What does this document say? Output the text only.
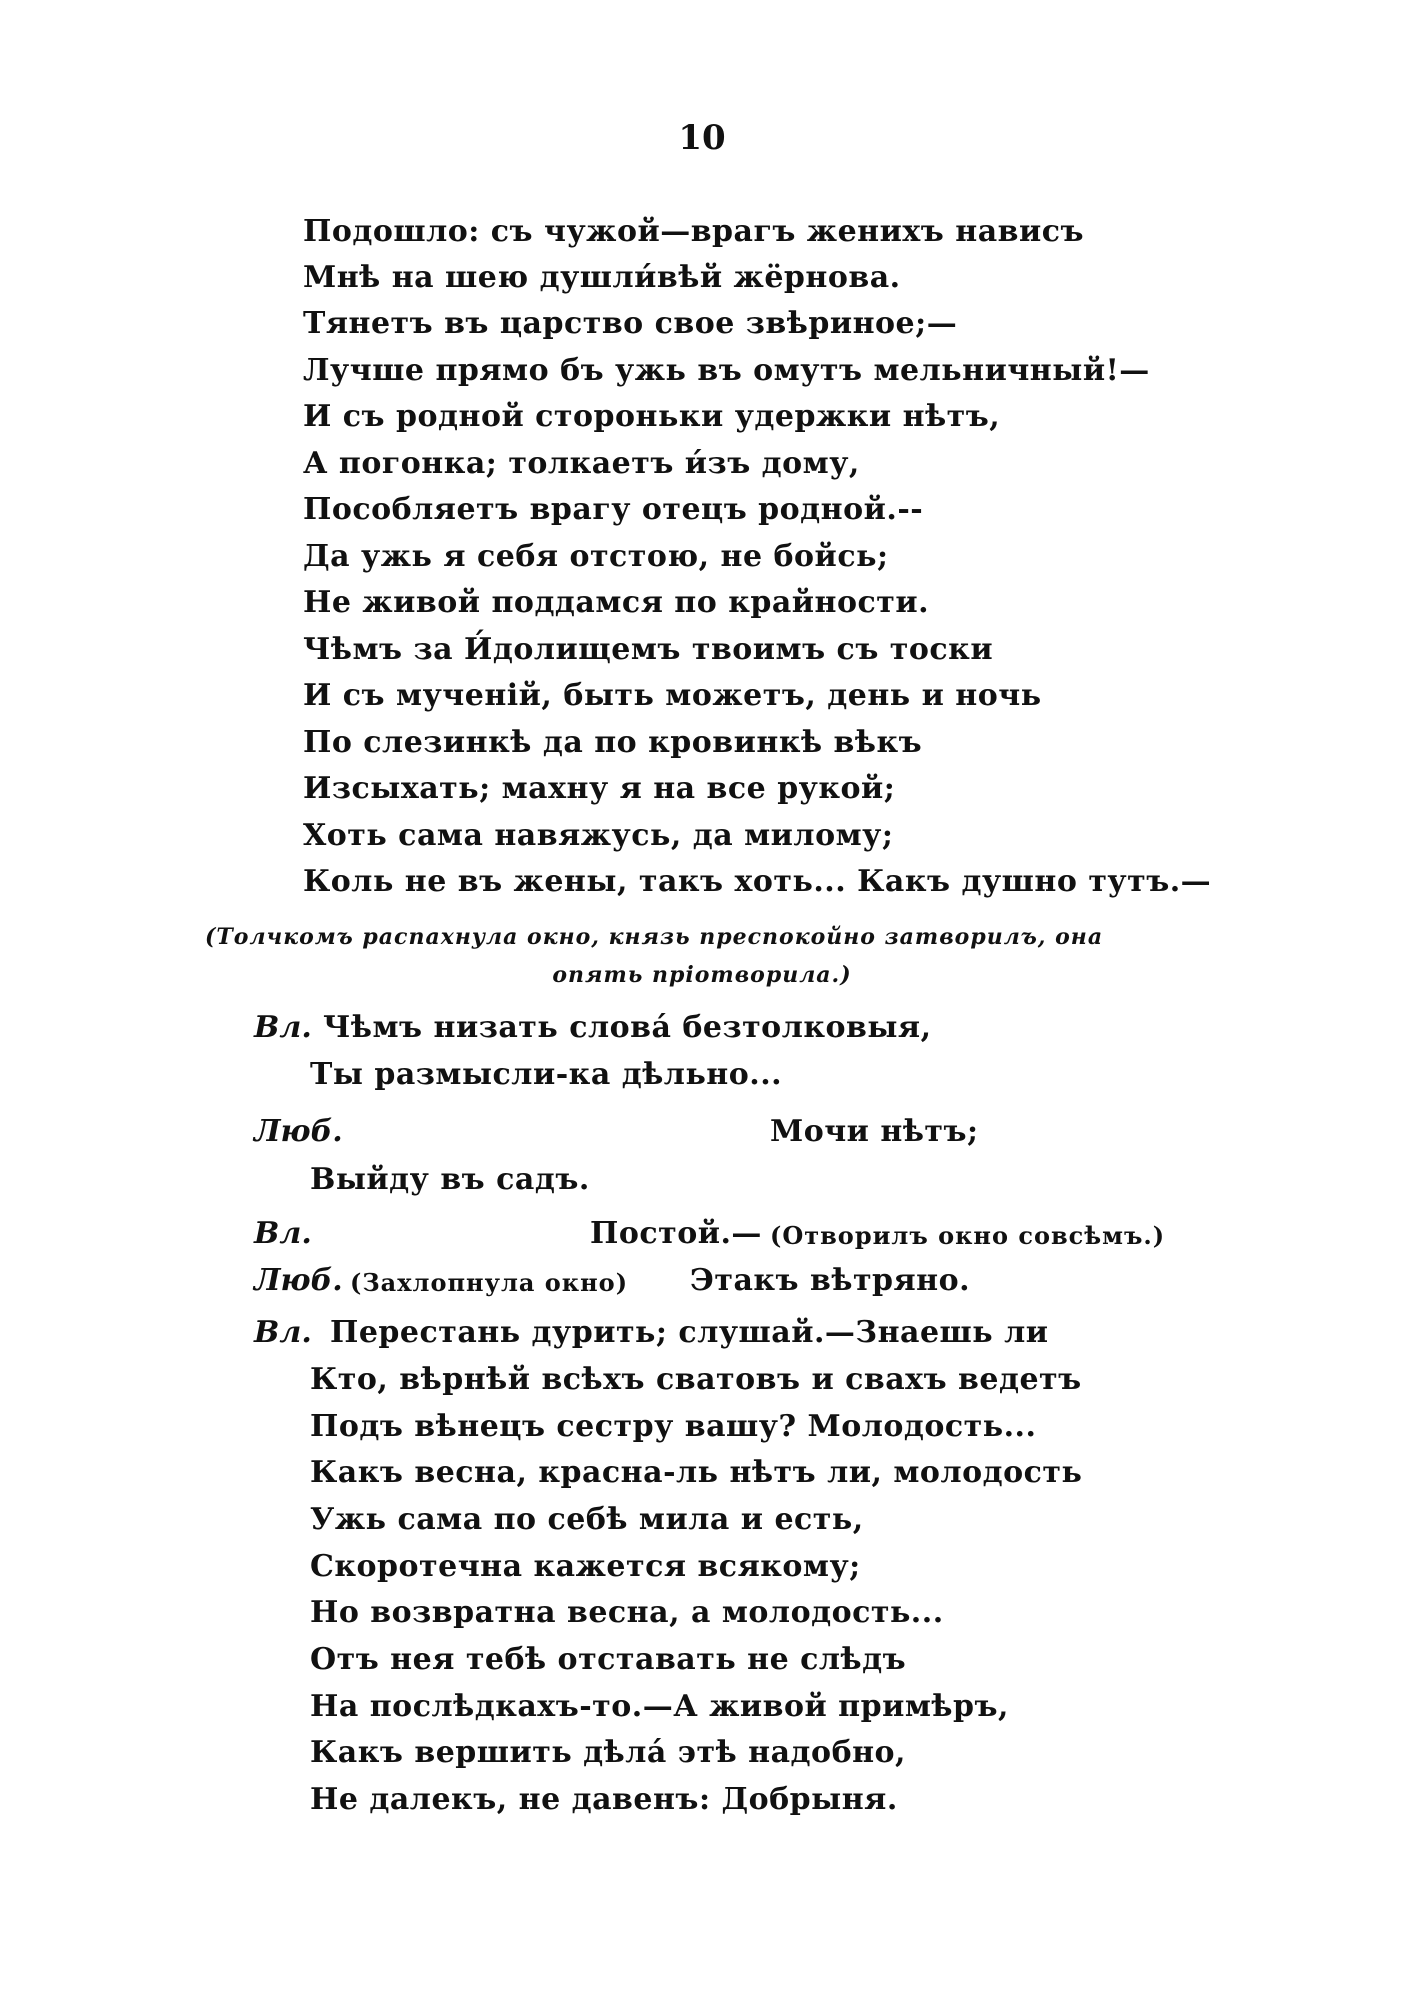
10
Подошло: съ чужой—врагъ женихъ нависъ
Мнѣ на шею душли́вѣй жёрнова.
Тянетъ въ царство свое звѣриное;—
Лучше прямо бъ ужь въ омутъ мельничный!—
И съ родной стороньки удержки нѣтъ,
А погонка; толкаетъ и́зъ дому,
Пособляетъ врагу отецъ родной.--
Да ужь я себя отстою, не бойсь;
Не живой поддамся по крайности.
Чѣмъ за И́долищемъ твоимъ съ тоски
И съ мученій, быть можетъ, день и ночь
По слезинкѣ да по кровинкѣ вѣкъ
Изсыхать; махну я на все рукой;
Хоть сама навяжусь, да милому;
Коль не въ жены, такъ хоть... Какъ душно тутъ.—
(Толчкомъ распахнула окно, князь преспокойно затворилъ, она
опять пріотворила.)
Вл. Чѣмъ низать слова́ безтолковыя,
Ты размысли-ка дѣльно...
Люб.	Мочи нѣтъ;
Выйду въ садъ.
Вл.	Постой.— (Отворилъ окно совсѣмъ.)
Люб. (Захлопнула окно) Этакъ вѣтряно.
Вл. Перестань дурить; слушай.—Знаешь ли
Кто, вѣрнѣй всѣхъ сватовъ и свахъ ведетъ
Подъ вѣнецъ сестру вашу? Молодость...
Какъ весна, красна-ль нѣтъ ли, молодость
Ужь сама по себѣ мила и есть,
Скоротечна кажется всякому;
Но возвратна весна, а молодость...
Отъ нея тебѣ отставать не слѣдъ
На послѣдкахъ-то.—А живой примѣръ,
Какъ вершить дѣла́ этѣ надобно,
Не далекъ, не давенъ: Добрыня.
